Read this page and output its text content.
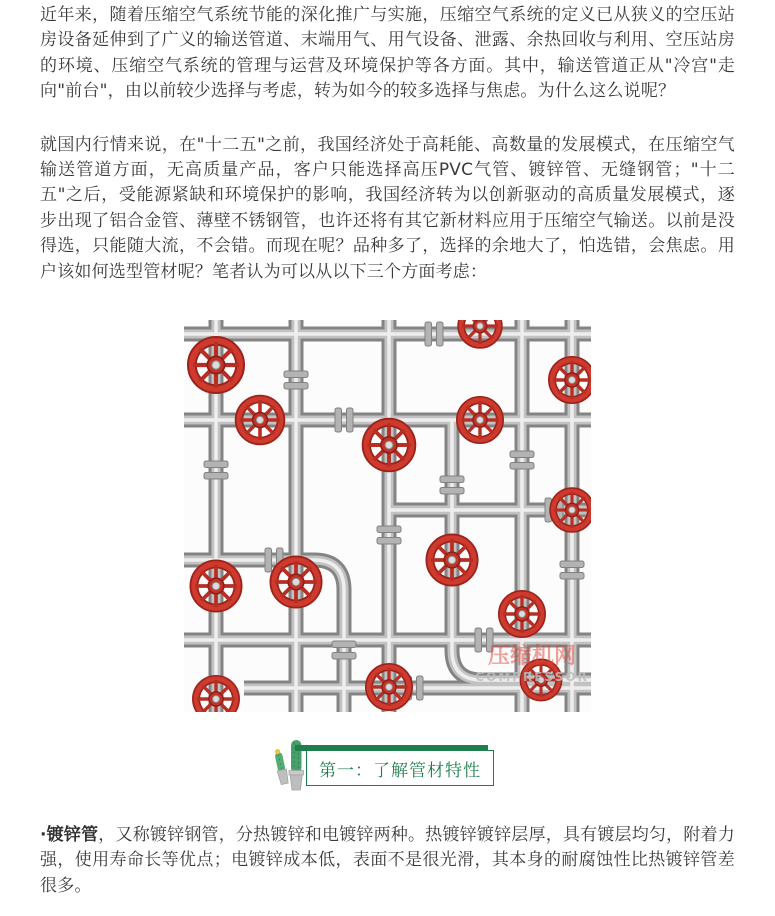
近年来，随着压缩空气系统节能的深化推广与实施，压缩空气系统的定义已从狭义的空压站房设备延伸到了广义的输送管道、末端用气、用气设备、泄露、余热回收与利用、空压站房的环境、压缩空气系统的管理与运营及环境保护等各方面。其中，输送管道正从"冷宫"走向"前台"，由以前较少选择与考虑，转为如今的较多选择与焦虑。为什么这么说呢？

就国内行情来说，在"十二五"之前，我国经济处于高耗能、高数量的发展模式，在压缩空气输送管道方面，无高质量产品，客户只能选择高压PVC气管、镀锌管、无缝钢管；"十二五"之后，受能源紧缺和环境保护的影响，我国经济转为以创新驱动的高质量发展模式，逐步出现了铝合金管、薄壁不锈钢管，也许还将有其它新材料应用于压缩空气输送。以前是没得选，只能随大流，不会错。而现在呢？品种多了，选择的余地大了，怕选错，会焦虑。用户该如何选型管材呢？笔者认为可以从以下三个方面考虑：

压缩机网
COMPRESSOR
第一：了解管材特性

·镀锌管，又称镀锌钢管，分热镀锌和电镀锌两种。热镀锌镀锌层厚，具有镀层均匀，附着力强，使用寿命长等优点；电镀锌成本低，表面不是很光滑，其本身的耐腐蚀性比热镀锌管差很多。
